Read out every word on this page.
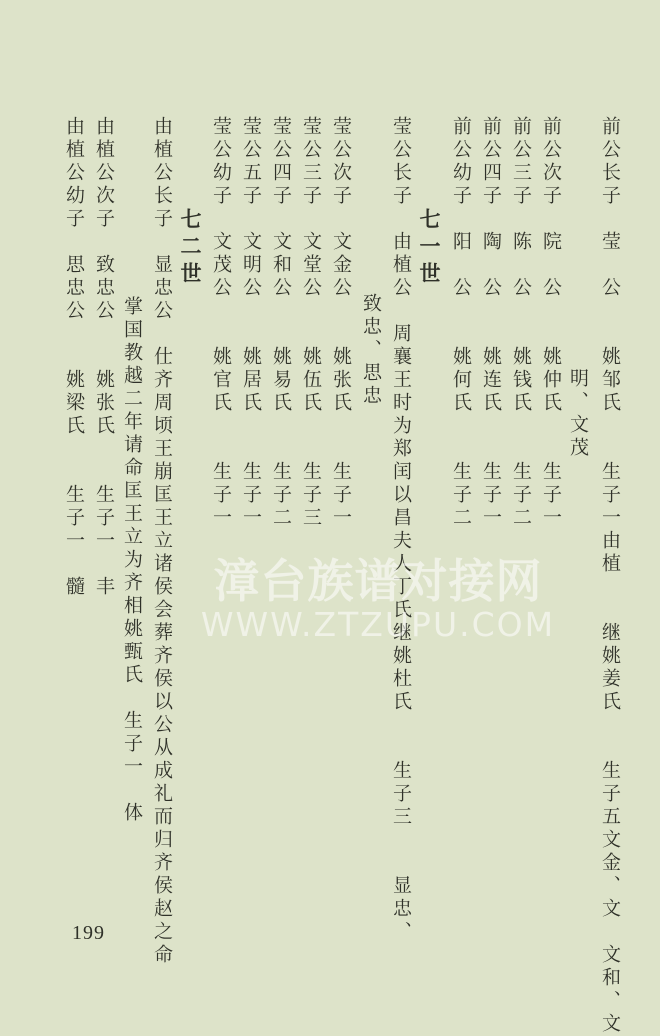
前公长子　莹　公　　姚邹氏　　生子一由植　　继姚姜氏　　生子五文金、文　文和、文
明、文茂
前公次子　院　公　　姚仲氏　　生子一
前公三子　陈　公　　姚钱氏　　生子二
前公四子　陶　公　　姚连氏　　生子一
前公幼子　阳　公　　姚何氏　　生子二
七一世
莹公长子　由植公　周襄王时为郑闰以昌夫人丁氏继姚杜氏　　生子三　　显忠、
致忠、思忠
莹公次子　文金公　　姚张氏　　生子一
莹公三子　文堂公　　姚伍氏　　生子三
莹公四子　文和公　　姚易氏　　生子二
莹公五子　文明公　　姚居氏　　生子一
莹公幼子　文茂公　　姚官氏　　生子一
七二世
由植公长子　显忠公　仕齐周顷王崩匡王立诸侯会葬齐侯以公从成礼而归齐侯赵之命
掌国教越二年请命匡王立为齐相姚甄氏　生子一　体
由植公次子　致忠公　　姚张氏　　生子一　丰
由植公幼子　思忠公　　姚梁氏　　生子一　髓	漳台族谱对接网
WWW.ZTZUPU.COM
199
